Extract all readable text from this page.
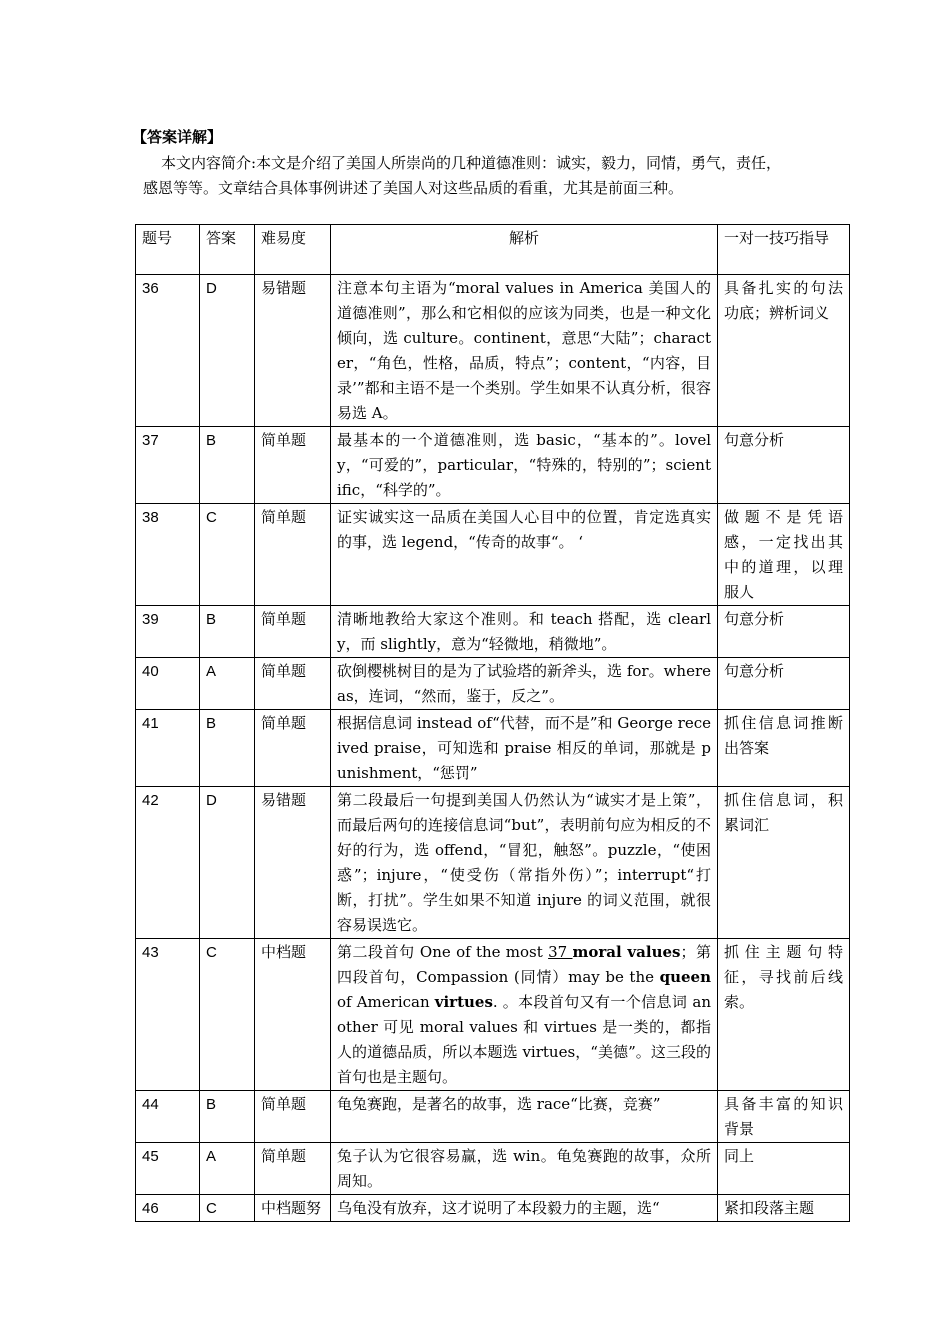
【答案详解】
本文内容简介:本文是介绍了美国人所崇尚的几种道德准则：诚实，毅力，同情，勇气，责任，
感恩等等。文章结合具体事例讲述了美国人对这些品质的看重，尤其是前面三种。
题号	答案	难易度	解析	一对一技巧指导
36	D	易错题	注意本句主语为“moral values in America 美国人的道德准则”，那么和它相似的应该为同类，也是一种文化倾向，选 culture。continent，意思“大陆”；character，“角色，性格，品质，特点”；content，“内容，目录’”都和主语不是一个类别。学生如果不认真分析，很容易选 A。	具备扎实的句法功底；辨析词义
37	B	简单题	最基本的一个道德准则，选 basic，“基本的”。lovely，“可爱的”，particular，“特殊的，特别的”；scientific，“科学的”。	句意分析
38	C	简单题	证实诚实这一品质在美国人心目中的位置，肯定选真实的事，选 legend，“传奇的故事“。 ‘	做题不是凭语感，一定找出其中的道理，以理服人
39	B	简单题	清晰地教给大家这个准则。和 teach 搭配，选 clearly，而 slightly，意为“轻微地，稍微地”。	句意分析
40	A	简单题	砍倒樱桃树目的是为了试验塔的新斧头，选 for。whereas，连词，“然而，鉴于，反之”。	句意分析
41	B	简单题	根据信息词 instead of“代替，而不是”和 George received praise，可知选和 praise 相反的单词，那就是 punishment，“惩罚”	抓住信息词推断出答案
42	D	易错题	第二段最后一句提到美国人仍然认为“诚实才是上策”，而最后两句的连接信息词“but”，表明前句应为相反的不好的行为，选 offend，“冒犯，触怒”。puzzle，“使困惑”；injure，“使受伤（常指外伤）”；interrupt“打断，打扰”。学生如果不知道 injure 的词义范围，就很容易误选它。	抓住信息词，积累词汇
43	C	中档题	第二段首句 One of the most 37 moral values；第四段首句，Compassion (同情）may be the queen of American virtues. 。本段首句又有一个信息词 another 可见 moral values 和 virtues 是一类的，都指人的道德品质，所以本题选 virtues，“美德”。这三段的首句也是主题句。	抓住主题句特征，寻找前后线索。
44	B	简单题	龟兔赛跑，是著名的故事，选 race“比赛，竞赛”	具备丰富的知识背景
45	A	简单题	兔子认为它很容易赢，选 win。龟兔赛跑的故事，众所周知。	同上
46	C	中档题努	乌龟没有放弃，这才说明了本段毅力的主题，选“	紧扣段落主题
